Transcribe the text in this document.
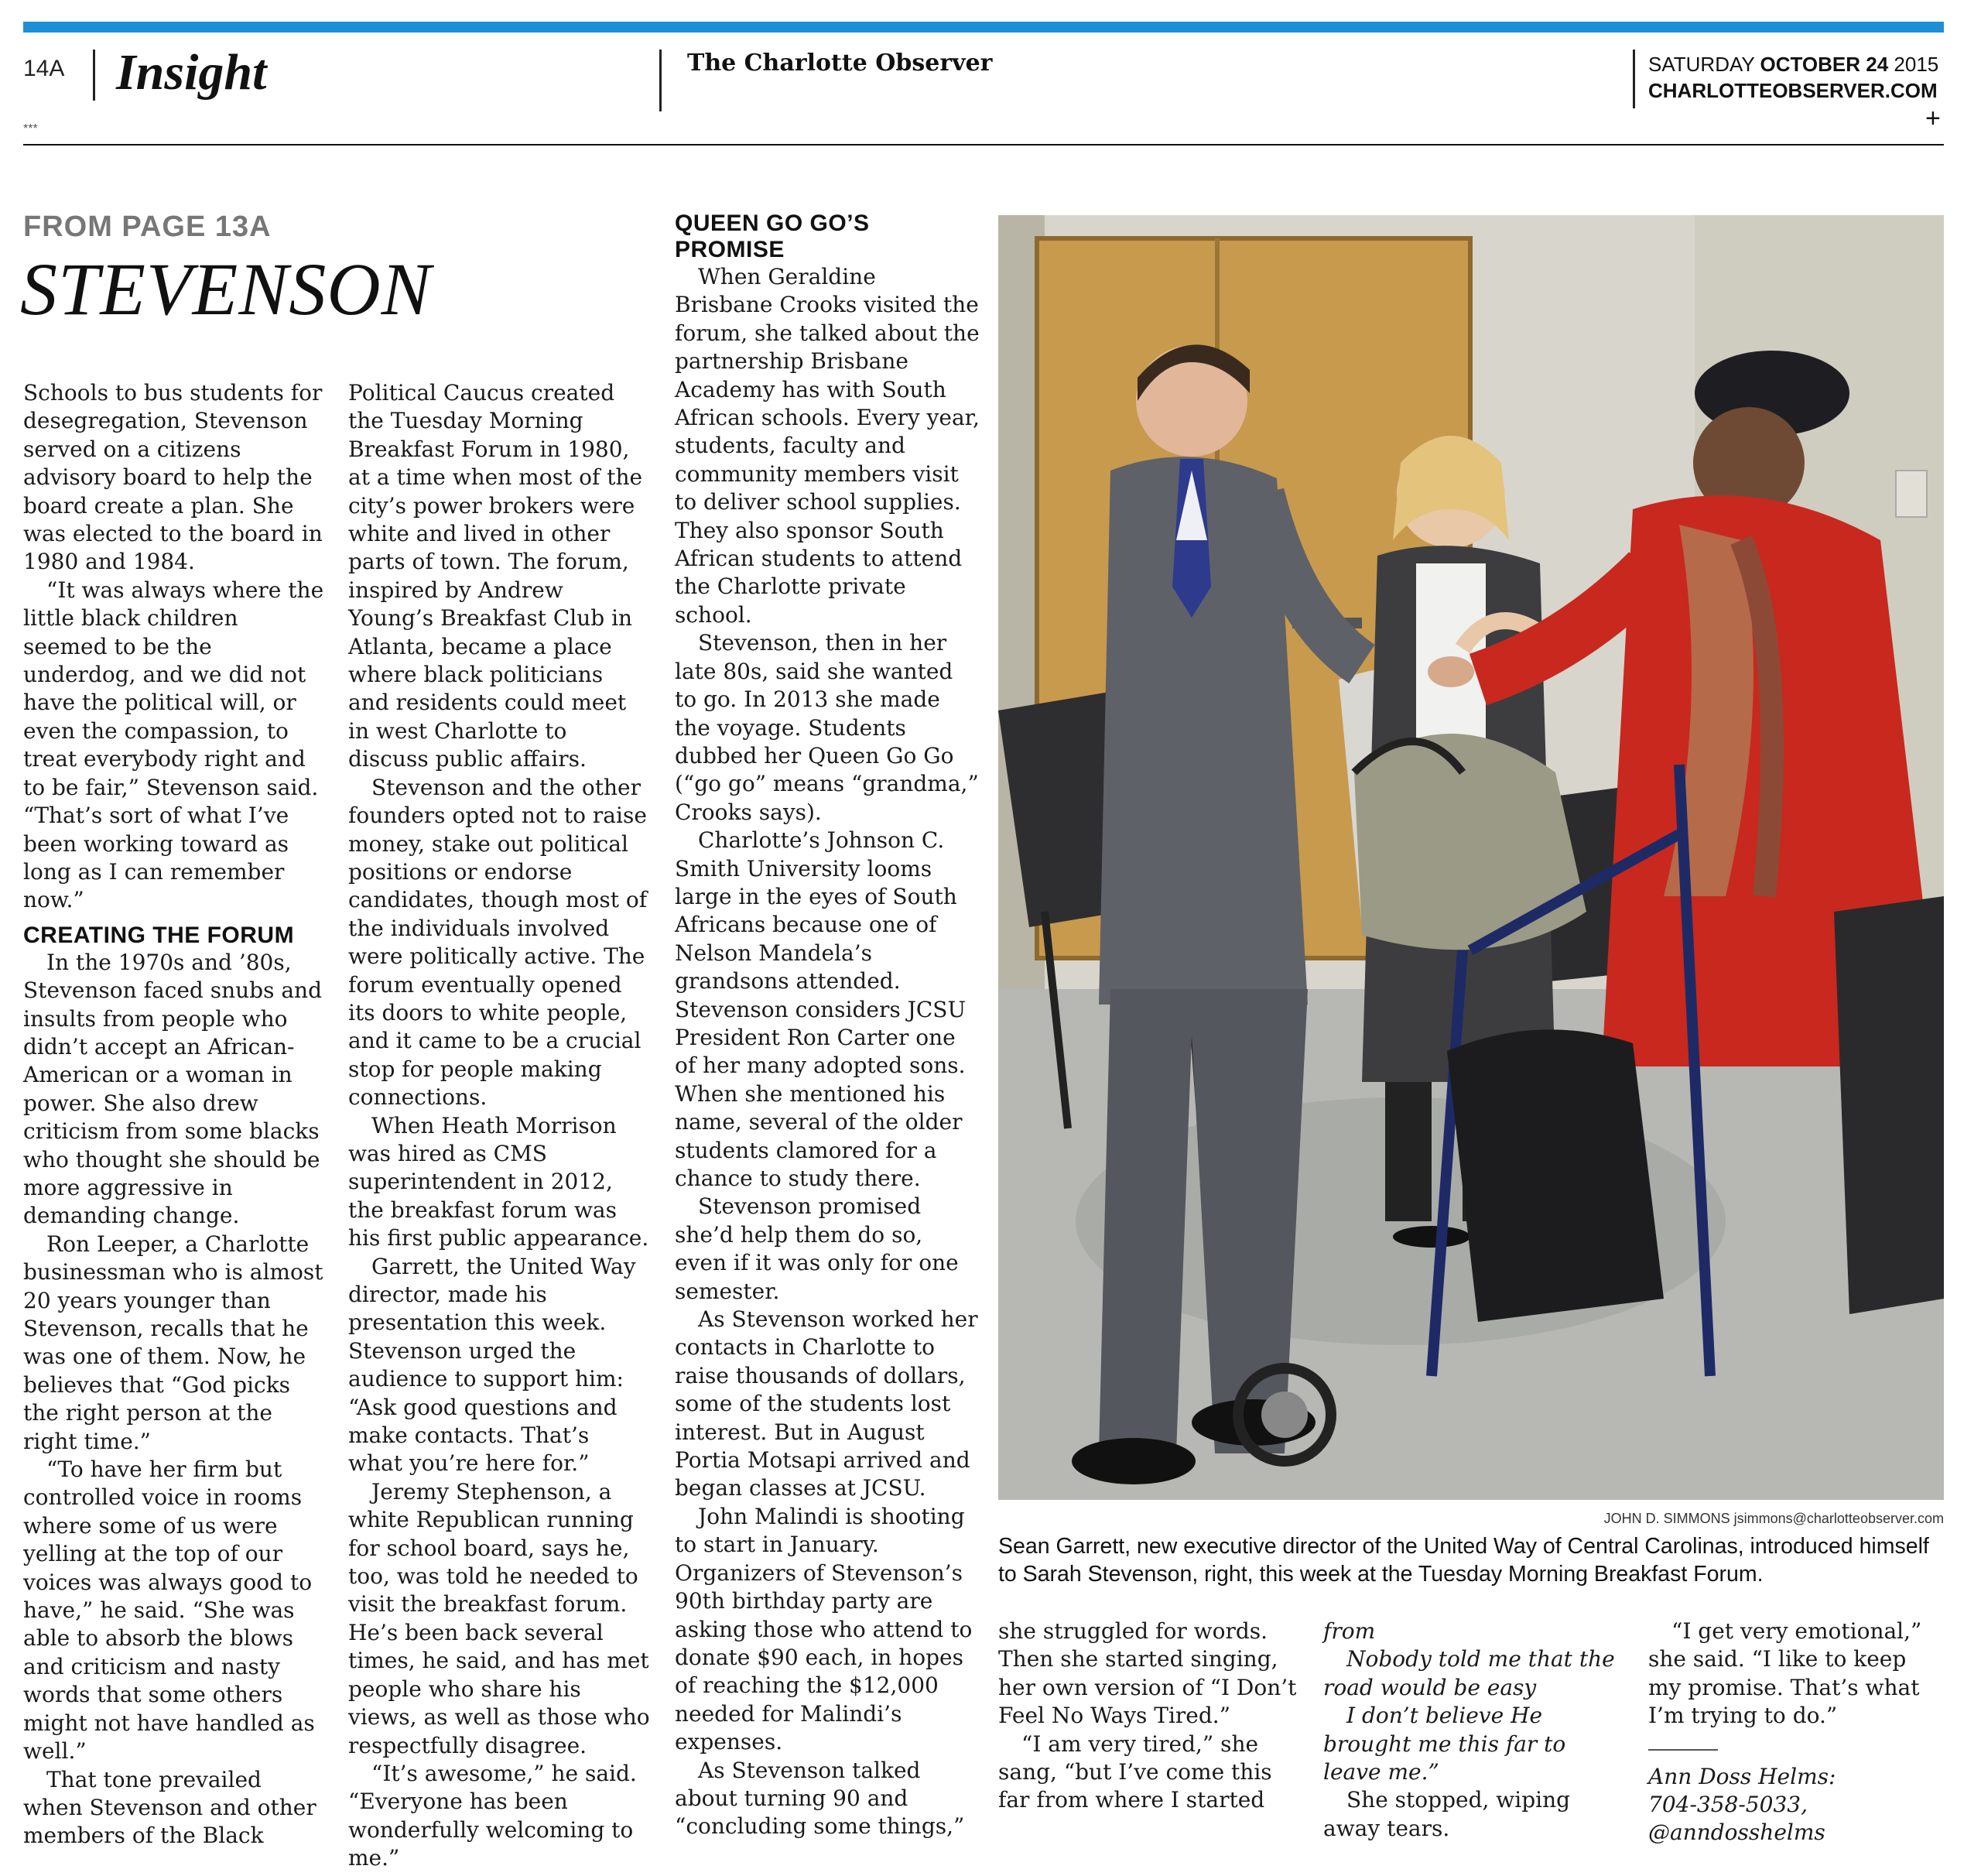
14A Insight	The Charlotte Observer	SATURDAY OCTOBER 24 2015
CHARLOTTEOBSERVER.COM
***	+
FROM PAGE 13A
STEVENSON

Schools to bus students for desegregation, Stevenson served on a citizens advisory board to help the board create a plan. She was elected to the board in 1980 and 1984.

“It was always where the little black children seemed to be the underdog, and we did not have the political will, or even the compassion, to treat everybody right and to be fair,” Stevenson said. “That’s sort of what I’ve been working toward as long as I can remember now.”

CREATING THE FORUM

In the 1970s and ’80s, Stevenson faced snubs and insults from people who didn’t accept an African-American or a woman in power. She also drew criticism from some blacks who thought she should be more aggressive in demanding change.

Ron Leeper, a Charlotte businessman who is almost 20 years younger than Stevenson, recalls that he was one of them. Now, he believes that “God picks the right person at the right time.”

“To have her firm but controlled voice in rooms where some of us were yelling at the top of our voices was always good to have,” he said. “She was able to absorb the blows and criticism and nasty words that some others might not have handled as well.”

That tone prevailed when Stevenson and other members of the Black

Political Caucus created the Tuesday Morning Breakfast Forum in 1980, at a time when most of the city’s power brokers were white and lived in other parts of town. The forum, inspired by Andrew Young’s Breakfast Club in Atlanta, became a place where black politicians and residents could meet in west Charlotte to discuss public affairs.

Stevenson and the other founders opted not to raise money, stake out political positions or endorse candidates, though most of the individuals involved were politically active. The forum eventually opened its doors to white people, and it came to be a crucial stop for people making connections.

When Heath Morrison was hired as CMS superintendent in 2012, the breakfast forum was his first public appearance.

Garrett, the United Way director, made his presentation this week. Stevenson urged the audience to support him: “Ask good questions and make contacts. That’s what you’re here for.”

Jeremy Stephenson, a white Republican running for school board, says he, too, was told he needed to visit the breakfast forum. He’s been back several times, he said, and has met people who share his views, as well as those who respectfully disagree.

“It’s awesome,” he said. “Everyone has been wonderfully welcoming to me.”

QUEEN GO GO’S PROMISE

When Geraldine Brisbane Crooks visited the forum, she talked about the partnership Brisbane Academy has with South African schools. Every year, students, faculty and community members visit to deliver school supplies. They also sponsor South African students to attend the Charlotte private school.

Stevenson, then in her late 80s, said she wanted to go. In 2013 she made the voyage. Students dubbed her Queen Go Go (“go go” means “grandma,” Crooks says).

Charlotte’s Johnson C. Smith University looms large in the eyes of South Africans because one of Nelson Mandela’s grandsons attended. Stevenson considers JCSU President Ron Carter one of her many adopted sons. When she mentioned his name, several of the older students clamored for a chance to study there.

Stevenson promised she’d help them do so, even if it was only for one semester.

As Stevenson worked her contacts in Charlotte to raise thousands of dollars, some of the students lost interest. But in August Portia Motsapi arrived and began classes at JCSU.

John Malindi is shooting to start in January. Organizers of Stevenson’s 90th birthday party are asking those who attend to donate $90 each, in hopes of reaching the $12,000 needed for Malindi’s expenses.

As Stevenson talked about turning 90 and “concluding some things,”

JOHN D. SIMMONS jsimmons@charlotteobserver.com
Sean Garrett, new executive director of the United Way of Central Carolinas, introduced himself to Sarah Stevenson, right, this week at the Tuesday Morning Breakfast Forum.

she struggled for words. Then she started singing, her own version of “I Don’t Feel No Ways Tired.”

“I am very tired,” she sang, “but I’ve come this far from where I started

from

Nobody told me that the road would be easy

I don’t believe He brought me this far to leave me.”

She stopped, wiping away tears.

“I get very emotional,” she said. “I like to keep my promise. That’s what I’m trying to do.”

Ann Doss Helms:

704-358-5033,

@anndosshelms
